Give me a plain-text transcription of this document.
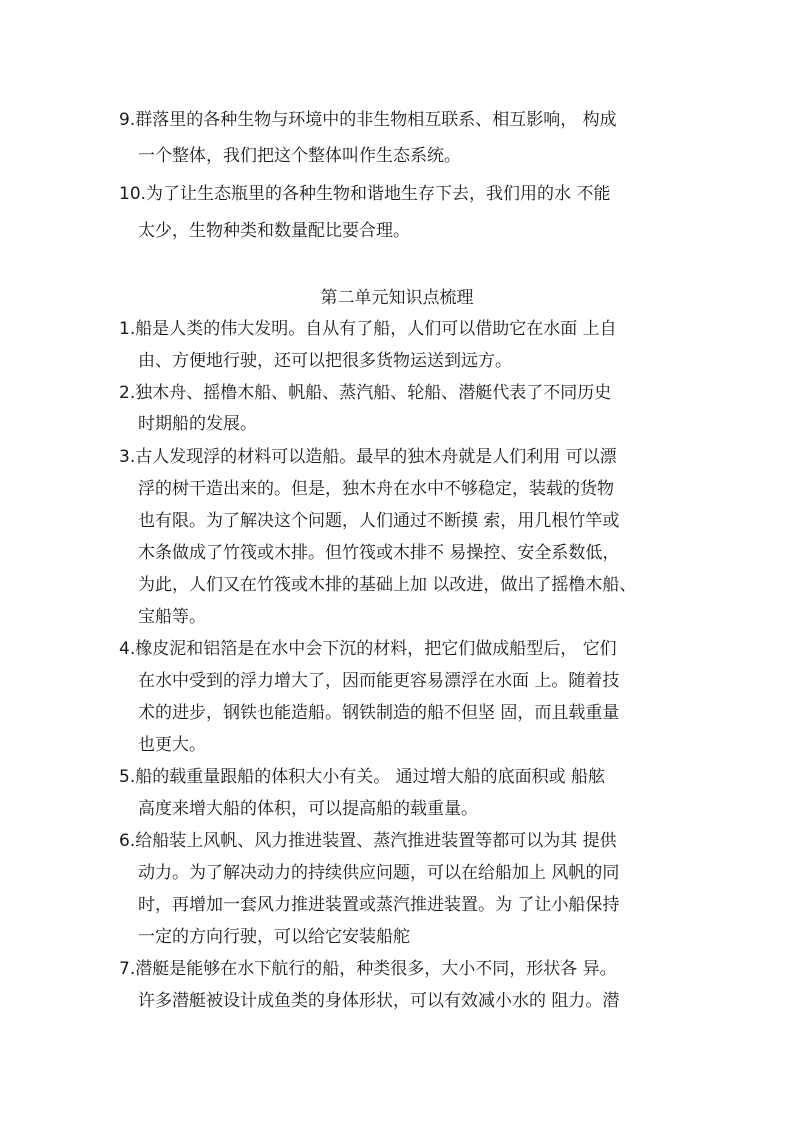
9.群落里的各种生物与环境中的非生物相互联系、相互影响， 构成
一个整体，我们把这个整体叫作生态系统。
10.为了让生态瓶里的各种生物和谐地生存下去，我们用的水 不能
太少，生物种类和数量配比要合理。
第二单元知识点梳理
1.船是人类的伟大发明。自从有了船，人们可以借助它在水面 上自
由、方便地行驶，还可以把很多货物运送到远方。
2.独木舟、摇橹木船、帆船、蒸汽船、轮船、潜艇代表了不同历史
时期船的发展。
3.古人发现浮的材料可以造船。最早的独木舟就是人们利用 可以漂
浮的树干造出来的。但是，独木舟在水中不够稳定，装载的货物
也有限。为了解决这个问题，人们通过不断摸 索，用几根竹竿或
木条做成了竹筏或木排。但竹筏或木排不 易操控、安全系数低，
为此，人们又在竹筏或木排的基础上加 以改进，做出了摇橹木船、
宝船等。
4.橡皮泥和铝箔是在水中会下沉的材料，把它们做成船型后， 它们
在水中受到的浮力增大了，因而能更容易漂浮在水面 上。随着技
术的进步，钢铁也能造船。钢铁制造的船不但坚 固，而且载重量
也更大。
5.船的载重量跟船的体积大小有关。 通过增大船的底面积或 船舷
高度来增大船的体积，可以提高船的载重量。
6.给船装上风帆、风力推进装置、蒸汽推进装置等都可以为其 提供
动力。为了解决动力的持续供应问题，可以在给船加上 风帆的同
时，再增加一套风力推进装置或蒸汽推进装置。为 了让小船保持
一定的方向行驶，可以给它安装船舵
7.潜艇是能够在水下航行的船，种类很多，大小不同，形状各 异。
许多潜艇被设计成鱼类的身体形状，可以有效减小水的 阻力。潜
